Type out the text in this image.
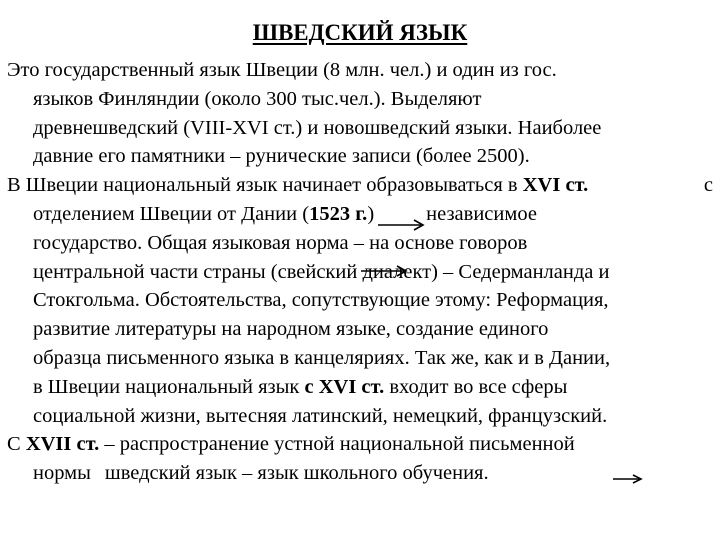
ШВЕДСКИЙ ЯЗЫК
Это государственный язык Швеции (8 млн. чел.) и один из гос.
языков Финляндии (около 300 тыс.чел.). Выделяют
древнешведский (VIII-XVI ст.) и новошведский языки. Наиболее
давние его памятники – рунические записи (более 2500).
В Швеции национальный язык начинает образовываться в XVI ст.	с
отделением Швеции от Дании (1523 г.)	независимое
государство. Общая языковая норма – на основе говоров
центральной части страны (свейский диалект) – Седерманланда и
Стокгольма. Обстоятельства, сопутствующие этому: Реформация,
развитие литературы на народном языке, создание единого
образца письменного языка в канцеляриях. Так же, как и в Дании,
в Швеции национальный язык с XVI ст. входит во все сферы
социальной жизни, вытесняя латинский, немецкий, французский.
С XVII ст. – распространение устной национальной письменной
нормы шведский язык – язык школьного обучения.
